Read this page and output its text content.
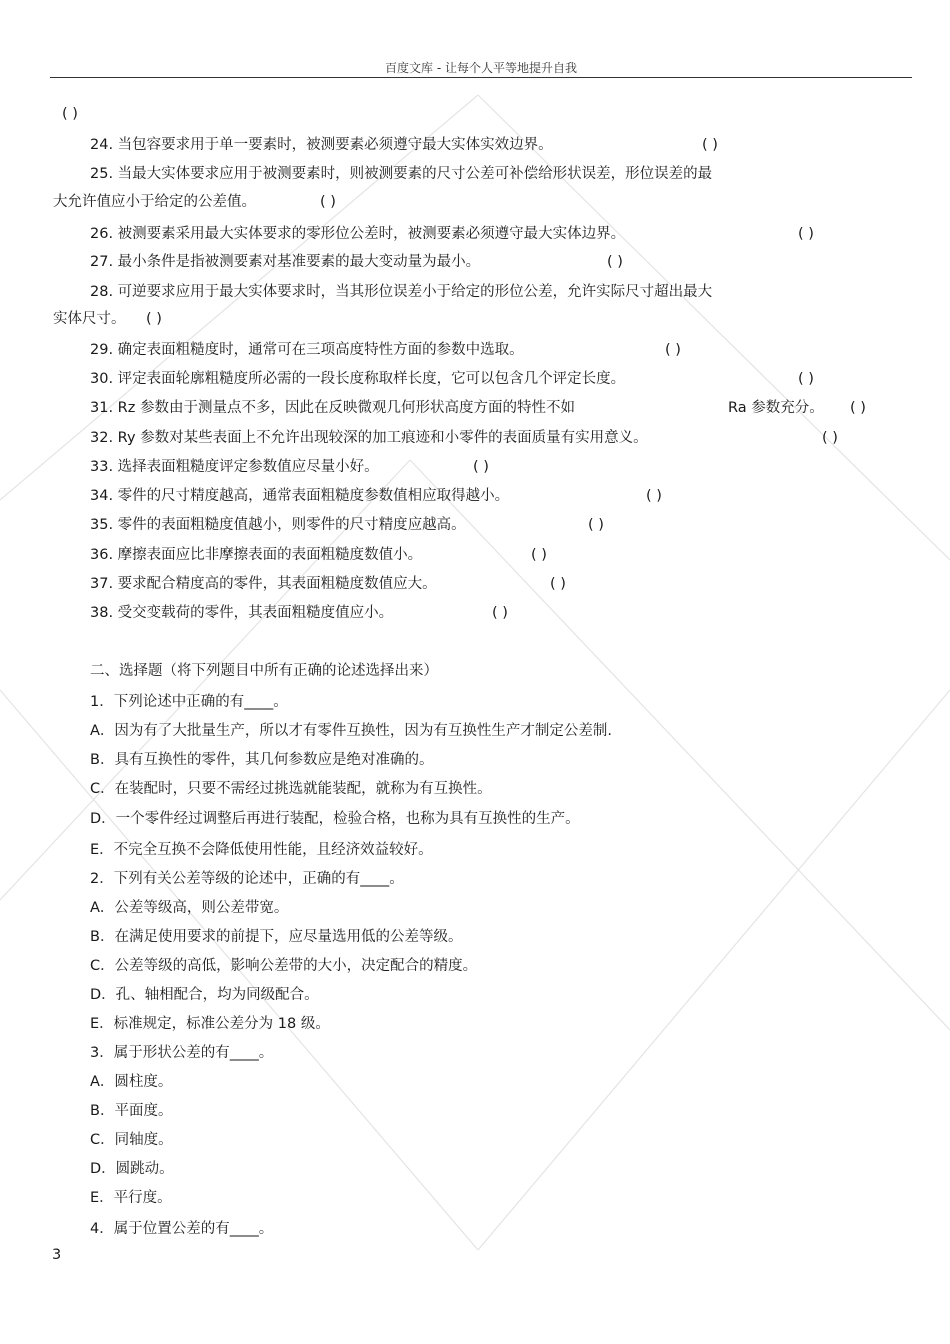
百度文库 - 让每个人平等地提升自我
( )
24. 当包容要求用于单一要素时，被测要素必须遵守最大实体实效边界。	( )
25. 当最大实体要求应用于被测要素时，则被测要素的尺寸公差可补偿给形状误差，形位误差的最
大允许值应小于给定的公差值。	( )
26. 被测要素采用最大实体要求的零形位公差时，被测要素必须遵守最大实体边界。	( )
27. 最小条件是指被测要素对基准要素的最大变动量为最小。	( )
28. 可逆要求应用于最大实体要求时，当其形位误差小于给定的形位公差，允许实际尺寸超出最大
实体尺寸。 ( )
29. 确定表面粗糙度时，通常可在三项高度特性方面的参数中选取。	( )
30. 评定表面轮廓粗糙度所必需的一段长度称取样长度，它可以包含几个评定长度。	( )
31. Rz 参数由于测量点不多，因此在反映微观几何形状高度方面的特性不如	Ra 参数充分。 ( )
32. Ry 参数对某些表面上不允许出现较深的加工痕迹和小零件的表面质量有实用意义。	( )
33. 选择表面粗糙度评定参数值应尽量小好。	( )
34. 零件的尺寸精度越高，通常表面粗糙度参数值相应取得越小。	( )
35. 零件的表面粗糙度值越小，则零件的尺寸精度应越高。	( )
36. 摩擦表面应比非摩擦表面的表面粗糙度数值小。	( )
37. 要求配合精度高的零件，其表面粗糙度数值应大。	( )
38. 受交变载荷的零件，其表面粗糙度值应小。	( )
二、选择题（将下列题目中所有正确的论述选择出来）
1．下列论述中正确的有____。
A．因为有了大批量生产，所以才有零件互换性，因为有互换性生产才制定公差制.
B．具有互换性的零件，其几何参数应是绝对准确的。
C．在装配时，只要不需经过挑选就能装配，就称为有互换性。
D．一个零件经过调整后再进行装配，检验合格，也称为具有互换性的生产。
E．不完全互换不会降低使用性能，且经济效益较好。
2．下列有关公差等级的论述中，正确的有____。
A．公差等级高，则公差带宽。
B．在满足使用要求的前提下，应尽量选用低的公差等级。
C．公差等级的高低，影响公差带的大小，决定配合的精度。
D．孔、轴相配合，均为同级配合。
E．标准规定，标准公差分为 18 级。
3．属于形状公差的有____。
A．圆柱度。
B．平面度。
C．同轴度。
D．圆跳动。
E．平行度。
4．属于位置公差的有____。
3
